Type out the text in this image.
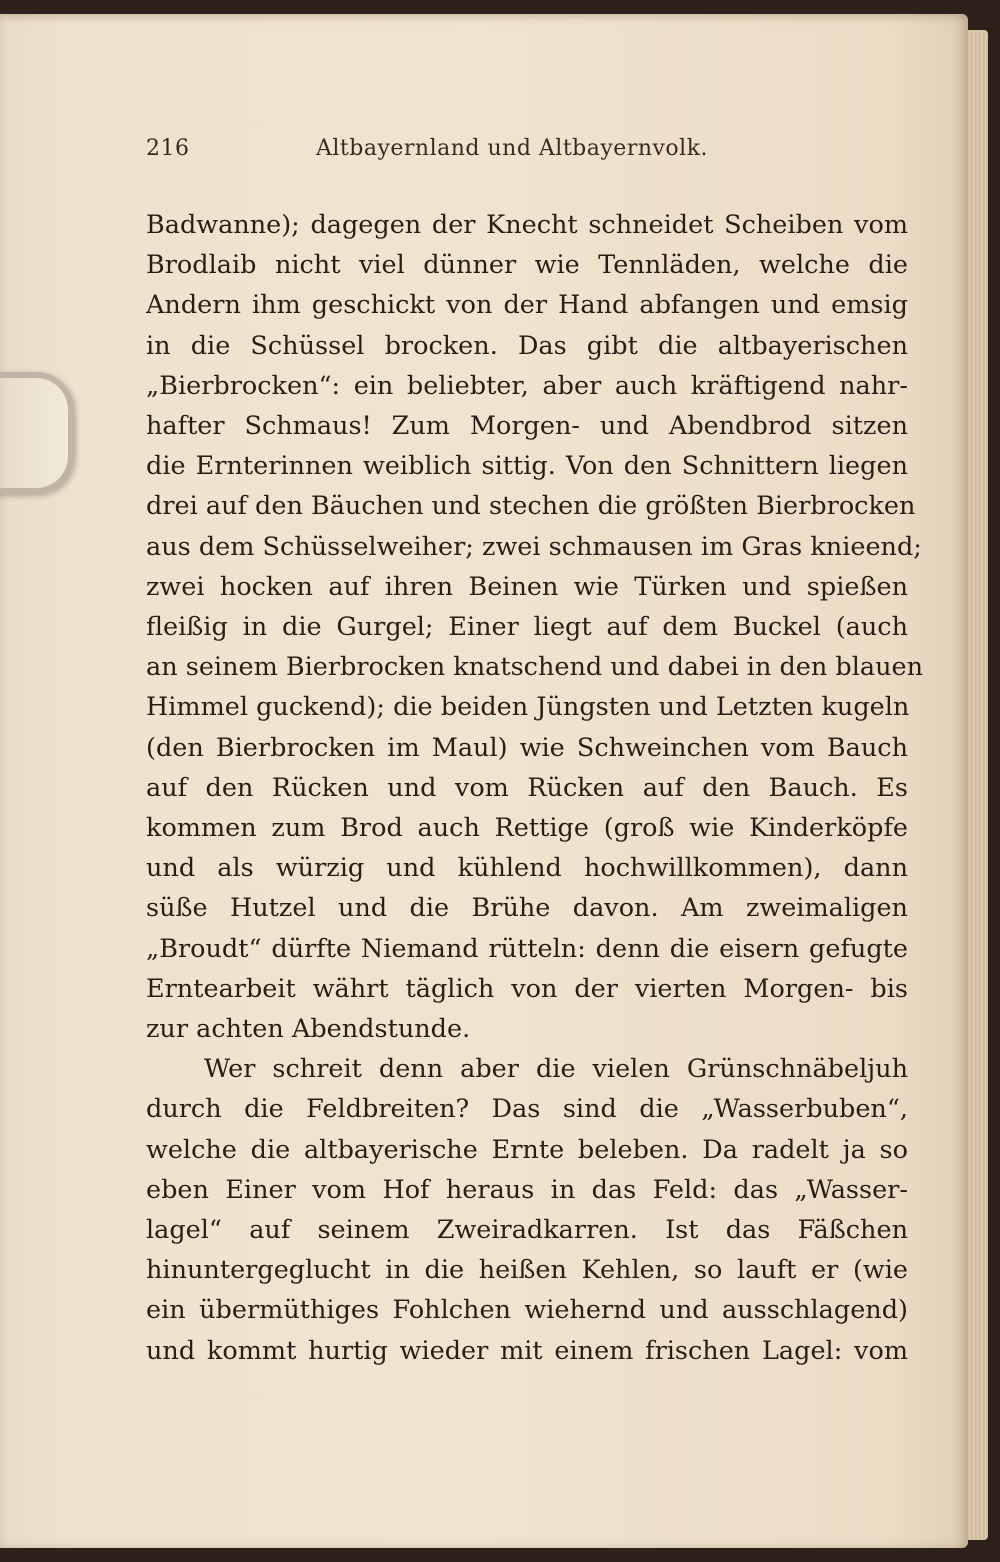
216	Altbayernland und Altbayernvolk.
Badwanne); dagegen der Knecht schneidet Scheiben vom
Brodlaib nicht viel dünner wie Tennläden, welche die
Andern ihm geschickt von der Hand abfangen und emsig
in die Schüssel brocken. Das gibt die altbayerischen
„Bierbrocken“: ein beliebter, aber auch kräftigend nahr-
hafter Schmaus! Zum Morgen- und Abendbrod sitzen
die Ernterinnen weiblich sittig. Von den Schnittern liegen
drei auf den Bäuchen und stechen die größten Bierbrocken
aus dem Schüsselweiher; zwei schmausen im Gras knieend;
zwei hocken auf ihren Beinen wie Türken und spießen
fleißig in die Gurgel; Einer liegt auf dem Buckel (auch
an seinem Bierbrocken knatschend und dabei in den blauen
Himmel guckend); die beiden Jüngsten und Letzten kugeln
(den Bierbrocken im Maul) wie Schweinchen vom Bauch
auf den Rücken und vom Rücken auf den Bauch. Es
kommen zum Brod auch Rettige (groß wie Kinderköpfe
und als würzig und kühlend hochwillkommen), dann
süße Hutzel und die Brühe davon. Am zweimaligen
„Broudt“ dürfte Niemand rütteln: denn die eisern gefugte
Erntearbeit währt täglich von der vierten Morgen- bis
zur achten Abendstunde.
Wer schreit denn aber die vielen Grünschnäbeljuh
durch die Feldbreiten? Das sind die „Wasserbuben“,
welche die altbayerische Ernte beleben. Da radelt ja so
eben Einer vom Hof heraus in das Feld: das „Wasser-
lagel“ auf seinem Zweiradkarren. Ist das Fäßchen
hinuntergeglucht in die heißen Kehlen, so lauft er (wie
ein übermüthiges Fohlchen wiehernd und ausschlagend)
und kommt hurtig wieder mit einem frischen Lagel: vom
